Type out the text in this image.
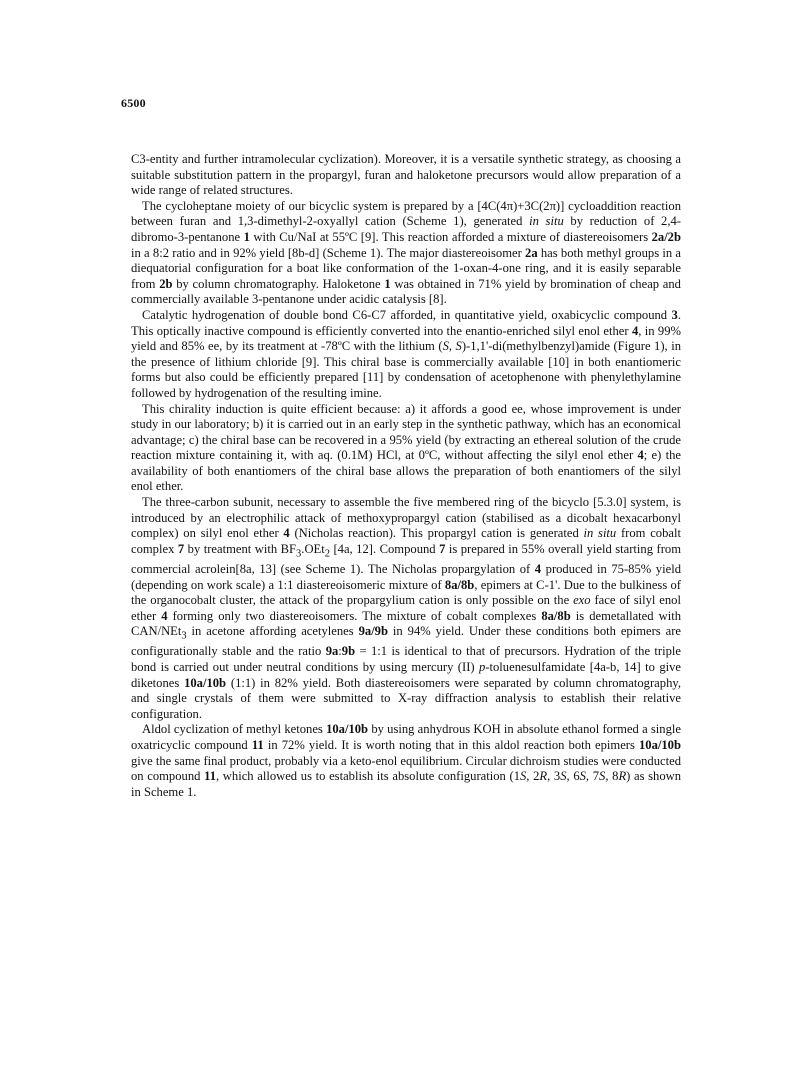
6500

C3-entity and further intramolecular cyclization). Moreover, it is a versatile synthetic strategy, as choosing a suitable substitution pattern in the propargyl, furan and haloketone precursors would allow preparation of a wide range of related structures.

The cycloheptane moiety of our bicyclic system is prepared by a [4C(4π)+3C(2π)] cycloaddition reaction between furan and 1,3-dimethyl-2-oxyallyl cation (Scheme 1), generated in situ by reduction of 2,4-dibromo-3-pentanone 1 with Cu/NaI at 55ºC [9]. This reaction afforded a mixture of diastereoisomers 2a/2b in a 8:2 ratio and in 92% yield [8b-d] (Scheme 1). The major diastereoisomer 2a has both methyl groups in a diequatorial configuration for a boat like conformation of the 1-oxan-4-one ring, and it is easily separable from 2b by column chromatography. Haloketone 1 was obtained in 71% yield by bromination of cheap and commercially available 3-pentanone under acidic catalysis [8].

Catalytic hydrogenation of double bond C6-C7 afforded, in quantitative yield, oxabicyclic compound 3. This optically inactive compound is efficiently converted into the enantio-enriched silyl enol ether 4, in 99% yield and 85% ee, by its treatment at -78ºC with the lithium (S, S)-1,1'-di(methylbenzyl)amide (Figure 1), in the presence of lithium chloride [9]. This chiral base is commercially available [10] in both enantiomeric forms but also could be efficiently prepared [11] by condensation of acetophenone with phenylethylamine followed by hydrogenation of the resulting imine.

This chirality induction is quite efficient because: a) it affords a good ee, whose improvement is under study in our laboratory; b) it is carried out in an early step in the synthetic pathway, which has an economical advantage; c) the chiral base can be recovered in a 95% yield (by extracting an ethereal solution of the crude reaction mixture containing it, with aq. (0.1M) HCl, at 0ºC, without affecting the silyl enol ether 4; e) the availability of both enantiomers of the chiral base allows the preparation of both enantiomers of the silyl enol ether.

The three-carbon subunit, necessary to assemble the five membered ring of the bicyclo [5.3.0] system, is introduced by an electrophilic attack of methoxypropargyl cation (stabilised as a dicobalt hexacarbonyl complex) on silyl enol ether 4 (Nicholas reaction). This propargyl cation is generated in situ from cobalt complex 7 by treatment with $BF_3.OEt_2$ [4a, 12]. Compound 7 is prepared in 55% overall yield starting from commercial acrolein[8a, 13] (see Scheme 1). The Nicholas propargylation of 4 produced in 75-85% yield (depending on work scale) a 1:1 diastereoisomeric mixture of 8a/8b, epimers at C-1'. Due to the bulkiness of the organocobalt cluster, the attack of the propargylium cation is only possible on the exo face of silyl enol ether 4 forming only two diastereoisomers. The mixture of cobalt complexes 8a/8b is demetallated with CAN/NEt$_3$ in acetone affording acetylenes 9a/9b in 94% yield. Under these conditions both epimers are configurationally stable and the ratio 9a:9b = 1:1 is identical to that of precursors. Hydration of the triple bond is carried out under neutral conditions by using mercury (II) p-toluenesulfamidate [4a-b, 14] to give diketones 10a/10b (1:1) in 82% yield. Both diastereoisomers were separated by column chromatography, and single crystals of them were submitted to X-ray diffraction analysis to establish their relative configuration.

Aldol cyclization of methyl ketones 10a/10b by using anhydrous KOH in absolute ethanol formed a single oxatricyclic compound 11 in 72% yield. It is worth noting that in this aldol reaction both epimers 10a/10b give the same final product, probably via a keto-enol equilibrium. Circular dichroism studies were conducted on compound 11, which allowed us to establish its absolute configuration (1S, 2R, 3S, 6S, 7S, 8R) as shown in Scheme 1.
